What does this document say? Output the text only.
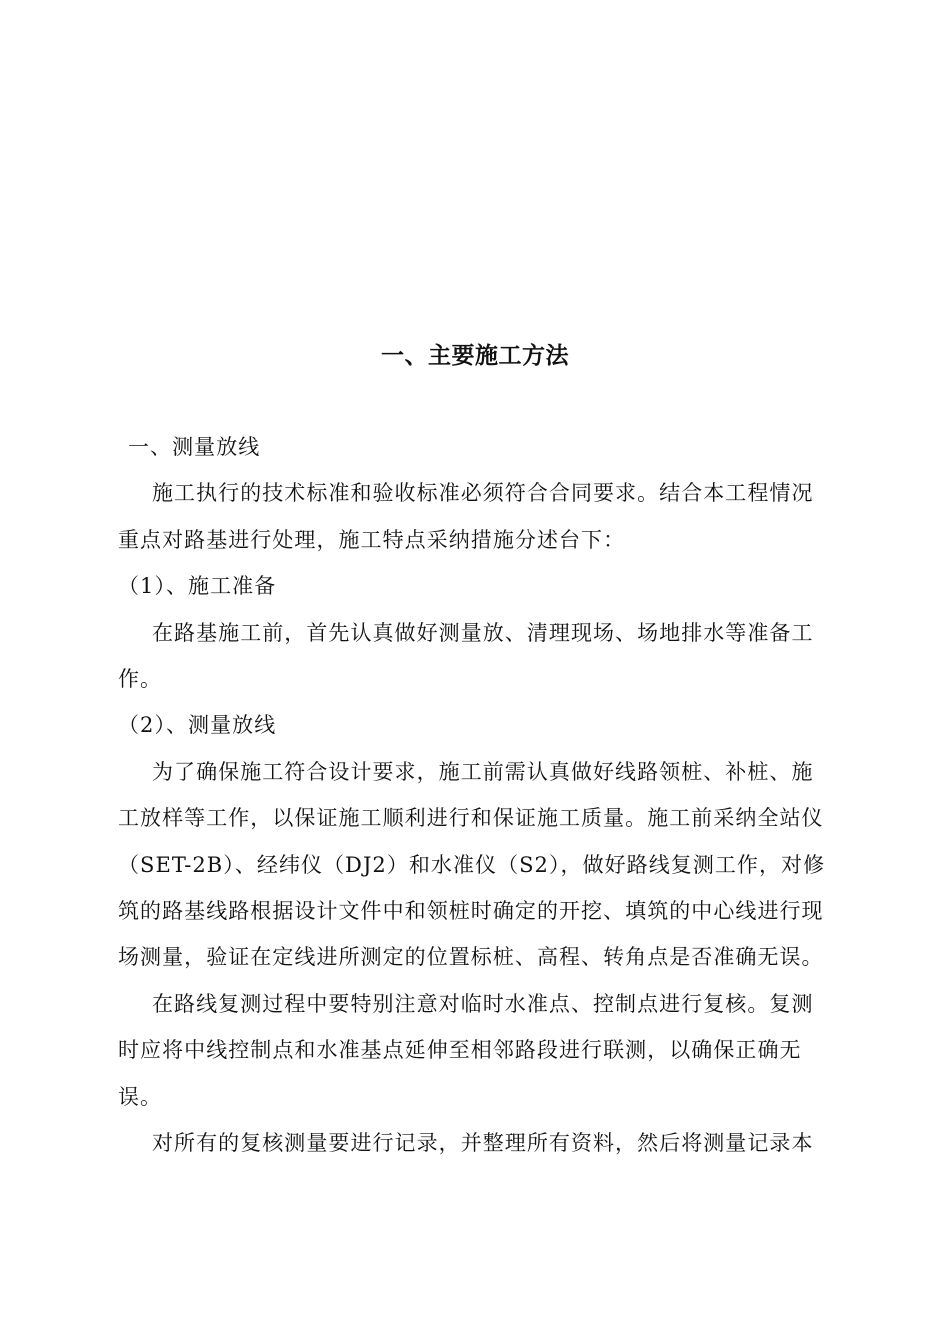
一、主要施工方法

一、测量放线

施工执行的技术标准和验收标准必须符合合同要求。结合本工程情况重点对路基进行处理，施工特点采纳措施分述台下：

（1）、施工准备

在路基施工前，首先认真做好测量放、清理现场、场地排水等准备工作。

（2）、测量放线

为了确保施工符合设计要求，施工前需认真做好线路领桩、补桩、施工放样等工作，以保证施工顺利进行和保证施工质量。施工前采纳全站仪（SET-2B）、经纬仪（DJ2）和水准仪（S2），做好路线复测工作，对修筑的路基线路根据设计文件中和领桩时确定的开挖、填筑的中心线进行现场测量，验证在定线进所测定的位置标桩、高程、转角点是否准确无误。

在路线复测过程中要特别注意对临时水准点、控制点进行复核。复测时应将中线控制点和水准基点延伸至相邻路段进行联测，以确保正确无误。

对所有的复核测量要进行记录，并整理所有资料，然后将测量记录本
